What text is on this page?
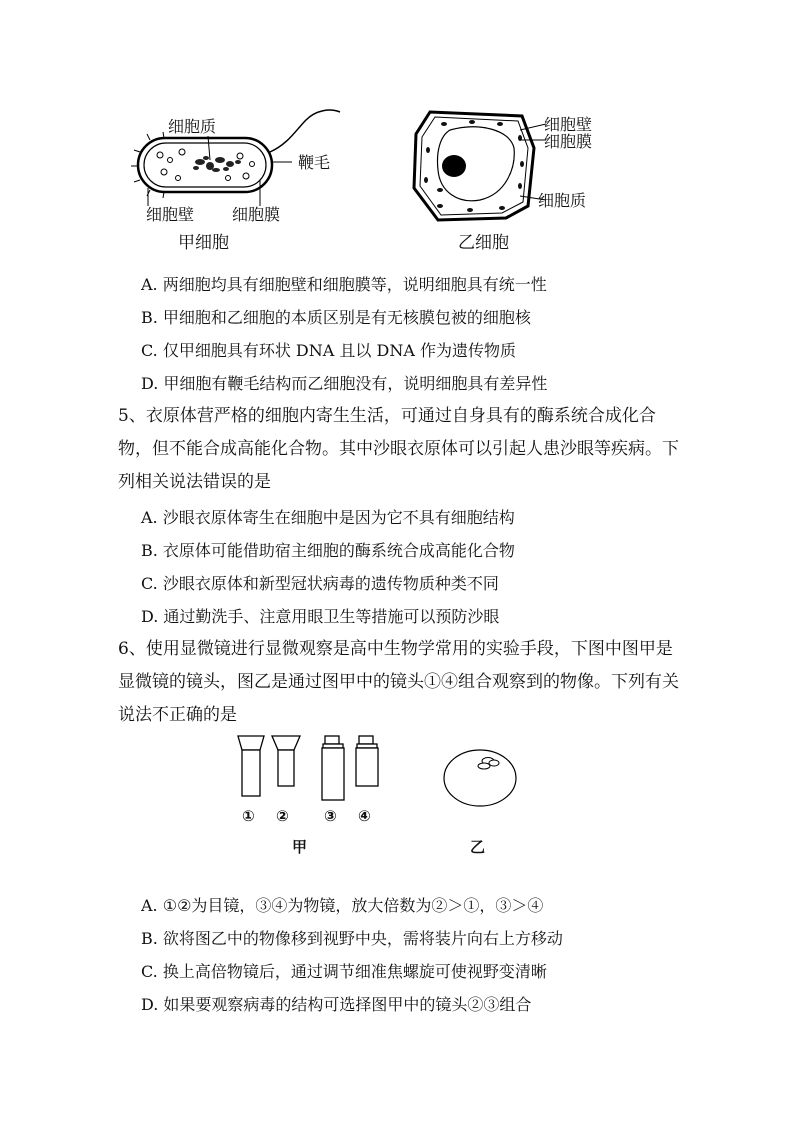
细胞质
鞭毛
细胞壁 细胞膜
甲细胞
细胞壁
细胞膜
细胞质
乙细胞
A. 两细胞均具有细胞壁和细胞膜等，说明细胞具有统一性
B. 甲细胞和乙细胞的本质区别是有无核膜包被的细胞核
C. 仅甲细胞具有环状 DNA 且以 DNA 作为遗传物质
D. 甲细胞有鞭毛结构而乙细胞没有，说明细胞具有差异性
5、衣原体营严格的细胞内寄生生活，可通过自身具有的酶系统合成化合物，但不能合成高能化合物。其中沙眼衣原体可以引起人患沙眼等疾病。下列相关说法错误的是
A. 沙眼衣原体寄生在细胞中是因为它不具有细胞结构
B. 衣原体可能借助宿主细胞的酶系统合成高能化合物
C. 沙眼衣原体和新型冠状病毒的遗传物质种类不同
D. 通过勤洗手、注意用眼卫生等措施可以预防沙眼
6、使用显微镜进行显微观察是高中生物学常用的实验手段，下图中图甲是显微镜的镜头，图乙是通过图甲中的镜头①④组合观察到的物像。下列有关说法不正确的是
① ② ③ ④
甲	乙
A. ①②为目镜，③④为物镜，放大倍数为②＞①，③＞④
B. 欲将图乙中的物像移到视野中央，需将装片向右上方移动
C. 换上高倍物镜后，通过调节细准焦螺旋可使视野变清晰
D. 如果要观察病毒的结构可选择图甲中的镜头②③组合
